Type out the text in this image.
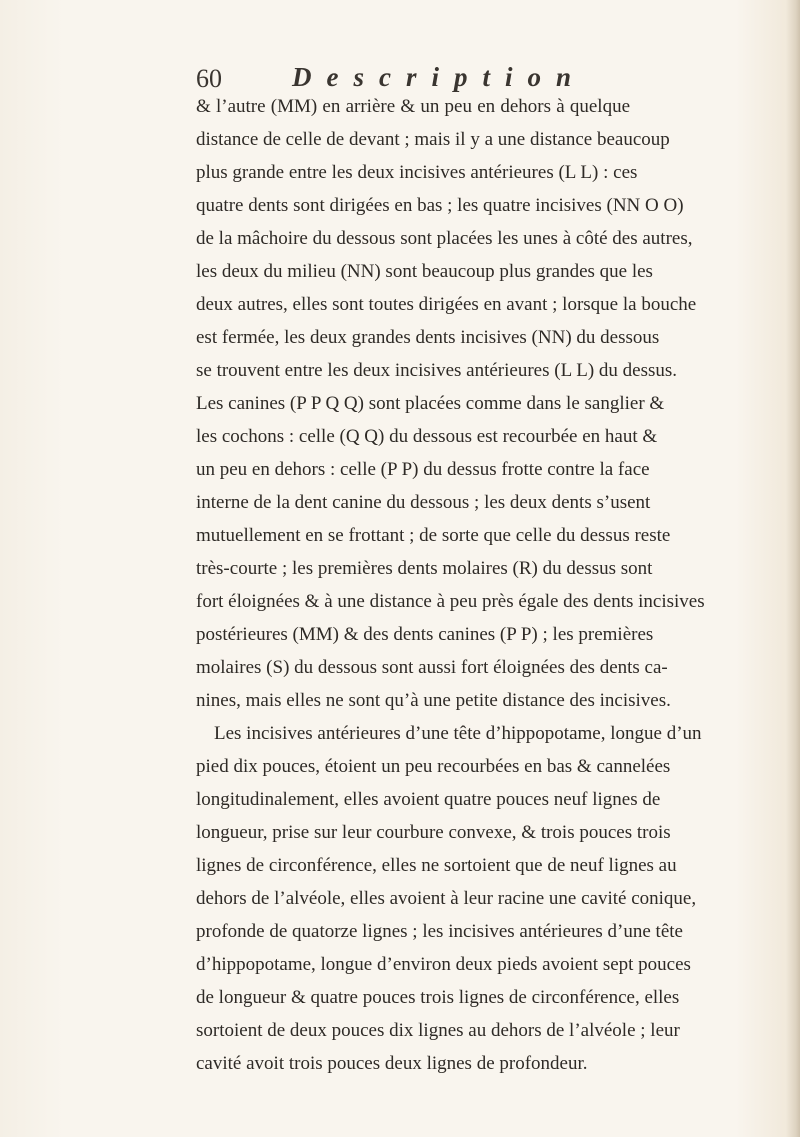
60	Description
& l’autre (MM) en arrière & un peu en dehors à quelque
distance de celle de devant ; mais il y a une distance beaucoup
plus grande entre les deux incisives antérieures (L L) : ces
quatre dents sont dirigées en bas ; les quatre incisives (NN O O)
de la mâchoire du dessous sont placées les unes à côté des autres,
les deux du milieu (NN) sont beaucoup plus grandes que les
deux autres, elles sont toutes dirigées en avant ; lorsque la bouche
est fermée, les deux grandes dents incisives (NN) du dessous
se trouvent entre les deux incisives antérieures (L L) du dessus.
Les canines (P P Q Q) sont placées comme dans le sanglier &
les cochons : celle (Q Q) du dessous est recourbée en haut &
un peu en dehors : celle (P P) du dessus frotte contre la face
interne de la dent canine du dessous ; les deux dents s’usent
mutuellement en se frottant ; de sorte que celle du dessus reste
très-courte ; les premières dents molaires (R) du dessus sont
fort éloignées & à une distance à peu près égale des dents incisives
postérieures (MM) & des dents canines (P P) ; les premières
molaires (S) du dessous sont aussi fort éloignées des dents ca-
nines, mais elles ne sont qu’à une petite distance des incisives.
Les incisives antérieures d’une tête d’hippopotame, longue d’un
pied dix pouces, étoient un peu recourbées en bas & cannelées
longitudinalement, elles avoient quatre pouces neuf lignes de
longueur, prise sur leur courbure convexe, & trois pouces trois
lignes de circonférence, elles ne sortoient que de neuf lignes au
dehors de l’alvéole, elles avoient à leur racine une cavité conique,
profonde de quatorze lignes ; les incisives antérieures d’une tête
d’hippopotame, longue d’environ deux pieds avoient sept pouces
de longueur & quatre pouces trois lignes de circonférence, elles
sortoient de deux pouces dix lignes au dehors de l’alvéole ; leur
cavité avoit trois pouces deux lignes de profondeur.
